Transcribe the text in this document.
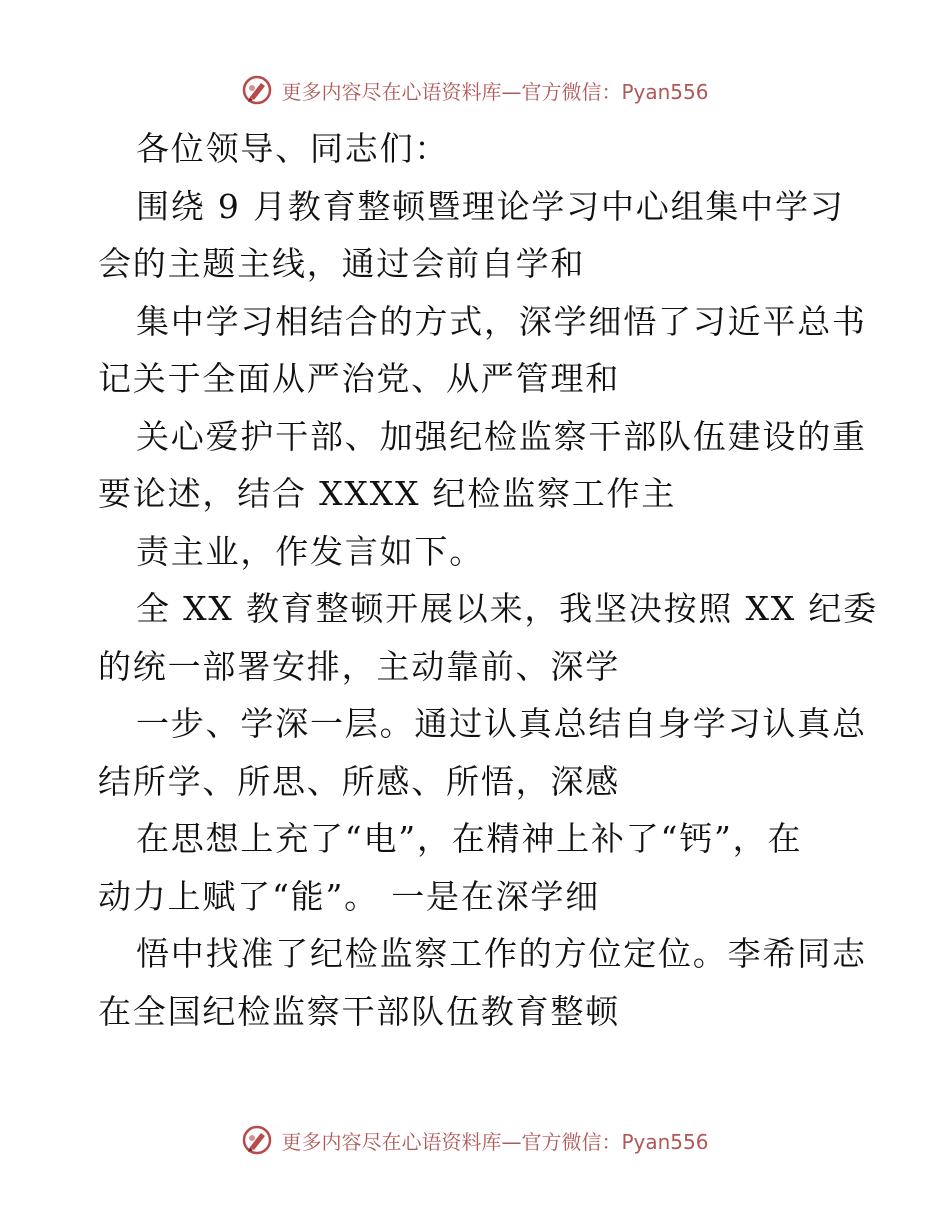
更多内容尽在心语资料库—官方微信：Pyan556
各位领导、同志们：
围绕 9 月教育整顿暨理论学习中心组集中学习
会的主题主线，通过会前自学和
集中学习相结合的方式，深学细悟了习近平总书
记关于全面从严治党、从严管理和
关心爱护干部、加强纪检监察干部队伍建设的重
要论述，结合 XXXX 纪检监察工作主
责主业，作发言如下。
全 XX 教育整顿开展以来，我坚决按照 XX 纪委
的统一部署安排，主动靠前、深学
一步、学深一层。通过认真总结自身学习认真总
结所学、所思、所感、所悟，深感
在思想上充了“电”，在精神上补了“钙”，在
动力上赋了“能”。 一是在深学细
悟中找准了纪检监察工作的方位定位。李希同志
在全国纪检监察干部队伍教育整顿
更多内容尽在心语资料库—官方微信：Pyan556
